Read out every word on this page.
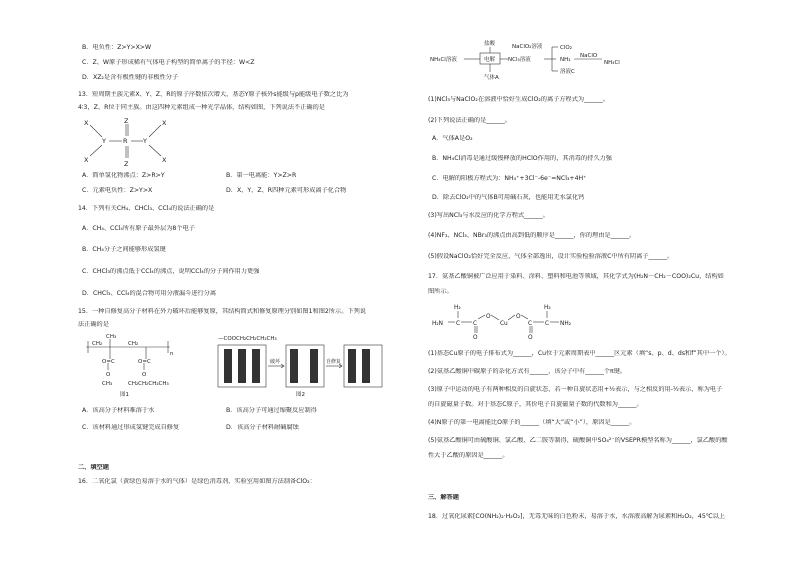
B．电负性：Z>Y>X>W
C．Z、W原子形成稀有气体电子构型的简单离子的半径：W<Z
D．XZ₂是含有极性键的非极性分子
13．短周期主族元素X、Y、Z、R的原子序数依次增大，基态Y原子核外s能级与p能级电子数之比为
4∶3，Z、R位于同主族。由这四种元素组成一种光学晶体，结构如图，下列说法不正确的是
X
X
Y
Z
Z
R Y
X
X
A．简单氢化物沸点：Z>R>Y	B．第一电离能：Y>Z>R
C．元素电负性：Z>Y>X	D．X、Y、Z、R四种元素可形成离子化合物
14．下列有关CH₄、CHCl₃、CCl₄的说法正确的是
A．CH₄、CCl₄所有原子最外层为8个电子
B．CH₄分子之间能够形成氢键
C．CHCl₃的沸点低于CCl₄的沸点，说明CCl₄的分子间作用力更强
D．CHCl₃、CCl₄的混合物可用分液漏斗进行分离
15．一种自修复高分子材料在外力破坏后能够复原，其结构简式和修复原理分别如图1和图2所示。下列说
法正确的是
CH₃
CH₂	CH₂
O=C	O=C
O	O
CH₃	CH₂CH₂CH₂CH₃
n
图1
—COOCH₂CH₂CH₂CH₃
破坏	自修复
图2
A．该高分子材料难溶于水	B．该高分子可通过缩聚反应制得
C．该材料通过形成氢键完成自修复	D．该高分子材料耐碱腐蚀
二、填空题
16．二氧化氯（黄绿色易溶于水的气体）是绿色消毒剂，实验室用如图方法制备ClO₂：
盐酸
NH₄Cl溶液	电解
气体A
NaClO₂溶液
NCl₃溶液
ClO₂
NH₃
溶液C
NaClO
NH₄Cl
(1)NCl₃与NaClO₂在溶液中恰好生成ClO₂的离子方程式为______。
(2)下列说法正确的是______。
A．气体A是O₂
B．NH₄Cl消毒是通过缓慢释放的HClO作用的，其消毒的持久力强
C．电解的阳极方程式为：NH₄⁺+3Cl⁻-6e⁻=NCl₃+4H⁺
D．除去ClO₂中的气体B可用碱石灰，也能用无水氯化钙
(3)写出NCl₃与水反应的化学方程式______。
(4)NF₃、NCl₃、NBr₃的沸点由高到低的顺序是______，你的理由是______。
(5)假设NaClO₂恰好完全反应，气体全部逸出，设计实验检验溶液C中所有阴离子______。
17．氨基乙酸铜被广泛应用于染料、涂料、塑料和电池等领域，其化学式为(H₂N－CH₂－COO)₂Cu，结构如
图所示。
H₂N
H₂
C C
O
O
Cu
O
C
O
H₂
C NH₂
(1)基态Cu原子的电子排布式为______，Cu位于元素周期表中______区元素（填“s、p、d、ds和f”其中一个）。
(2)氨基乙酸铜中碳原子的杂化方式有______，该分子中有______个π键。
(3)原子中运动的电子有两种相反的自旋状态，若一种自旋状态用+½表示，与之相反的用-½表示，称为电子
的自旋磁量子数。对于基态C原子，其价电子自旋磁量子数的代数和为______。
(4)N原子的第一电离能比O原子的______（填“大”或“小”），原因是______。
(5)氨基乙酸铜可由硫酸铜、氯乙酸、乙二胺等制得，硫酸铜中SO₄²⁻的VSEPR模型名称为______，氯乙酸的酸
性大于乙酸的原因是______。
三、解答题
18．过氧化尿素[CO(NH₂)₂·H₂O₂]，无毒无味的白色粉末，易溶于水，水溶液高解为尿素和H₂O₂，45℃以上
